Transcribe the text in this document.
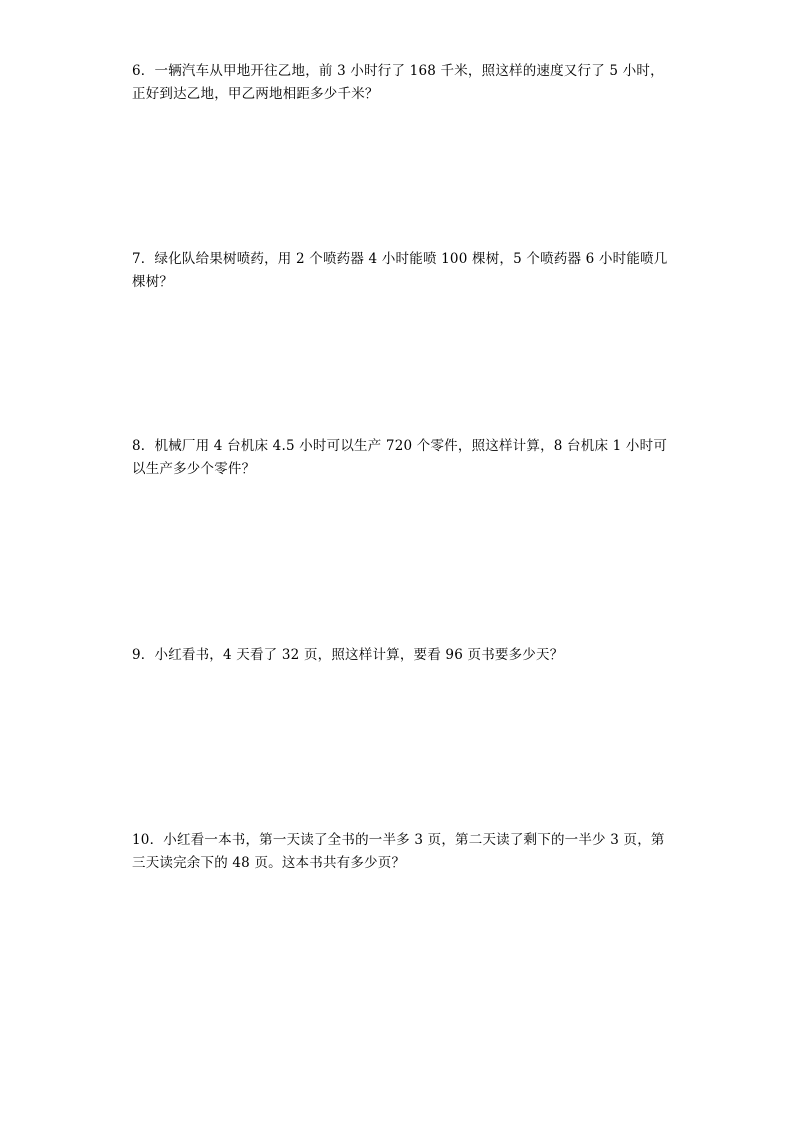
6．一辆汽车从甲地开往乙地，前 3 小时行了 168 千米，照这样的速度又行了 5 小时，
正好到达乙地，甲乙两地相距多少千米？
7．绿化队给果树喷药，用 2 个喷药器 4 小时能喷 100 棵树，5 个喷药器 6 小时能喷几
棵树？
8．机械厂用 4 台机床 4.5 小时可以生产 720 个零件，照这样计算，8 台机床 1 小时可
以生产多少个零件？
9．小红看书，4 天看了 32 页，照这样计算，要看 96 页书要多少天？
10．小红看一本书，第一天读了全书的一半多 3 页，第二天读了剩下的一半少 3 页，第
三天读完余下的 48 页。这本书共有多少页？
